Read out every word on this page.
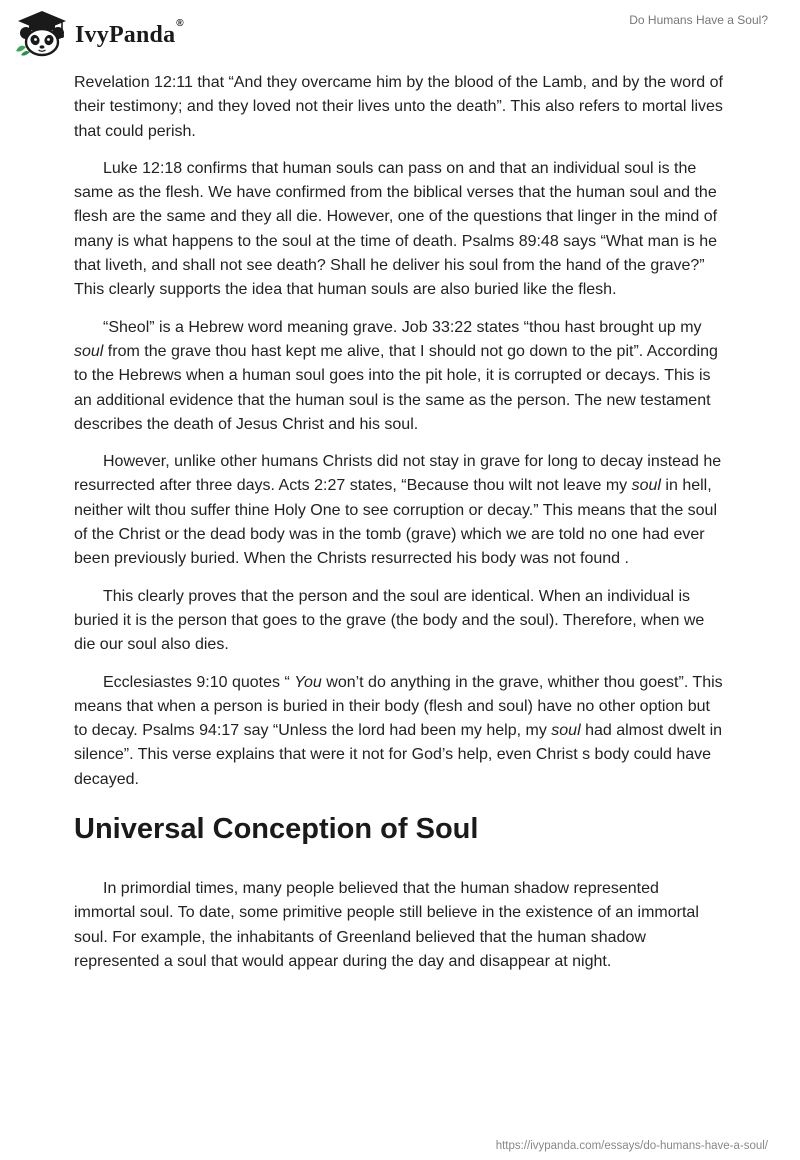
IvyPanda®	Do Humans Have a Soul?

Revelation 12:11 that “And they overcame him by the blood of the Lamb, and by the word of their testimony; and they loved not their lives unto the death”. This also refers to mortal lives that could perish.

Luke 12:18 confirms that human souls can pass on and that an individual soul is the same as the flesh. We have confirmed from the biblical verses that the human soul and the flesh are the same and they all die. However, one of the questions that linger in the mind of many is what happens to the soul at the time of death. Psalms 89:48 says “What man is he that liveth, and shall not see death? Shall he deliver his soul from the hand of the grave?” This clearly supports the idea that human souls are also buried like the flesh.

“Sheol” is a Hebrew word meaning grave. Job 33:22 states “thou hast brought up my soul from the grave thou hast kept me alive, that I should not go down to the pit”. According to the Hebrews when a human soul goes into the pit hole, it is corrupted or decays. This is an additional evidence that the human soul is the same as the person. The new testament describes the death of Jesus Christ and his soul.

However, unlike other humans Christs did not stay in grave for long to decay instead he resurrected after three days. Acts 2:27 states, “Because thou wilt not leave my soul in hell, neither wilt thou suffer thine Holy One to see corruption or decay.” This means that the soul of the Christ or the dead body was in the tomb (grave) which we are told no one had ever been previously buried. When the Christs resurrected his body was not found .

This clearly proves that the person and the soul are identical. When an individual is buried it is the person that goes to the grave (the body and the soul). Therefore, when we die our soul also dies.

Ecclesiastes 9:10 quotes “ You won’t do anything in the grave, whither thou goest”. This means that when a person is buried in their body (flesh and soul) have no other option but to decay. Psalms 94:17 say “Unless the lord had been my help, my soul had almost dwelt in silence”. This verse explains that were it not for God’s help, even Christ s body could have decayed.

Universal Conception of Soul

In primordial times, many people believed that the human shadow represented immortal soul. To date, some primitive people still believe in the existence of an immortal soul. For example, the inhabitants of Greenland believed that the human shadow represented a soul that would appear during the day and disappear at night.

https://ivypanda.com/essays/do-humans-have-a-soul/
